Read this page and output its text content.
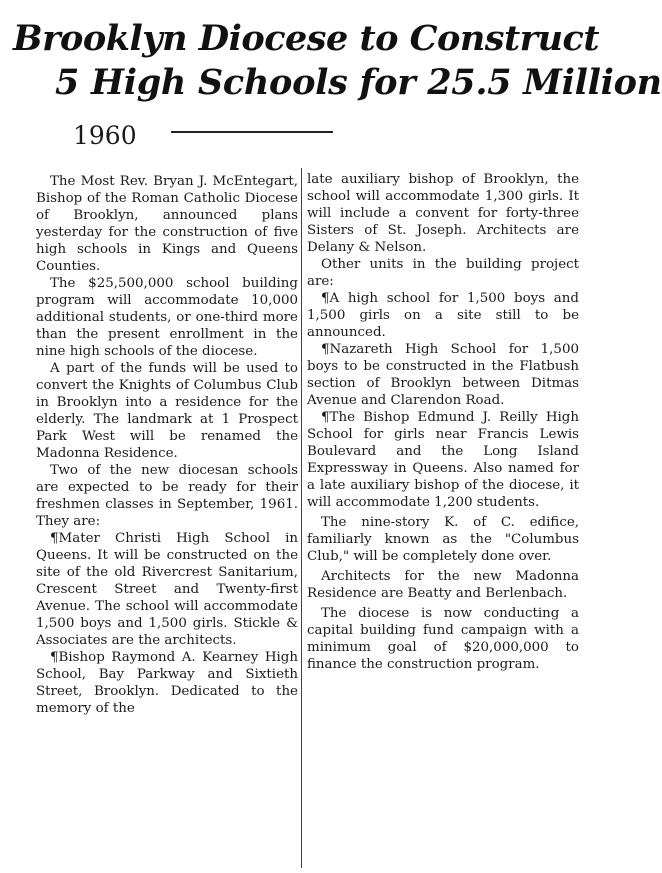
Brooklyn Diocese to Construct
5 High Schools for 25.5 Million
1960

The Most Rev. Bryan J. McEntegart, Bishop of the Roman Catholic Diocese of Brooklyn, announced plans yesterday for the construction of five high schools in Kings and Queens Counties.

The $25,500,000 school building program will accommodate 10,000 additional students, or one-third more than the present enrollment in the nine high schools of the diocese.

A part of the funds will be used to convert the Knights of Columbus Club in Brooklyn into a residence for the elderly. The landmark at 1 Prospect Park West will be renamed the Madonna Residence.

Two of the new diocesan schools are expected to be ready for their freshmen classes in September, 1961. They are:

¶Mater Christi High School in Queens. It will be constructed on the site of the old Rivercrest Sanitarium, Crescent Street and Twenty-first Avenue. The school will accommodate 1,500 boys and 1,500 girls. Stickle & Associates are the architects.

¶Bishop Raymond A. Kearney High School, Bay Parkway and Sixtieth Street, Brooklyn. Dedicated to the memory of the

late auxiliary bishop of Brooklyn, the school will accommodate 1,300 girls. It will include a convent for forty-three Sisters of St. Joseph. Architects are Delany & Nelson.

Other units in the building project are:

¶A high school for 1,500 boys and 1,500 girls on a site still to be announced.

¶Nazareth High School for 1,500 boys to be constructed in the Flatbush section of Brooklyn between Ditmas Avenue and Clarendon Road.

¶The Bishop Edmund J. Reilly High School for girls near Francis Lewis Boulevard and the Long Island Expressway in Queens. Also named for a late auxiliary bishop of the diocese, it will accommodate 1,200 students.

The nine-story K. of C. edifice, familiarly known as the "Columbus Club," will be completely done over.

Architects for the new Madonna Residence are Beatty and Berlenbach.

The diocese is now conducting a capital building fund campaign with a minimum goal of $20,000,000 to finance the construction program.
